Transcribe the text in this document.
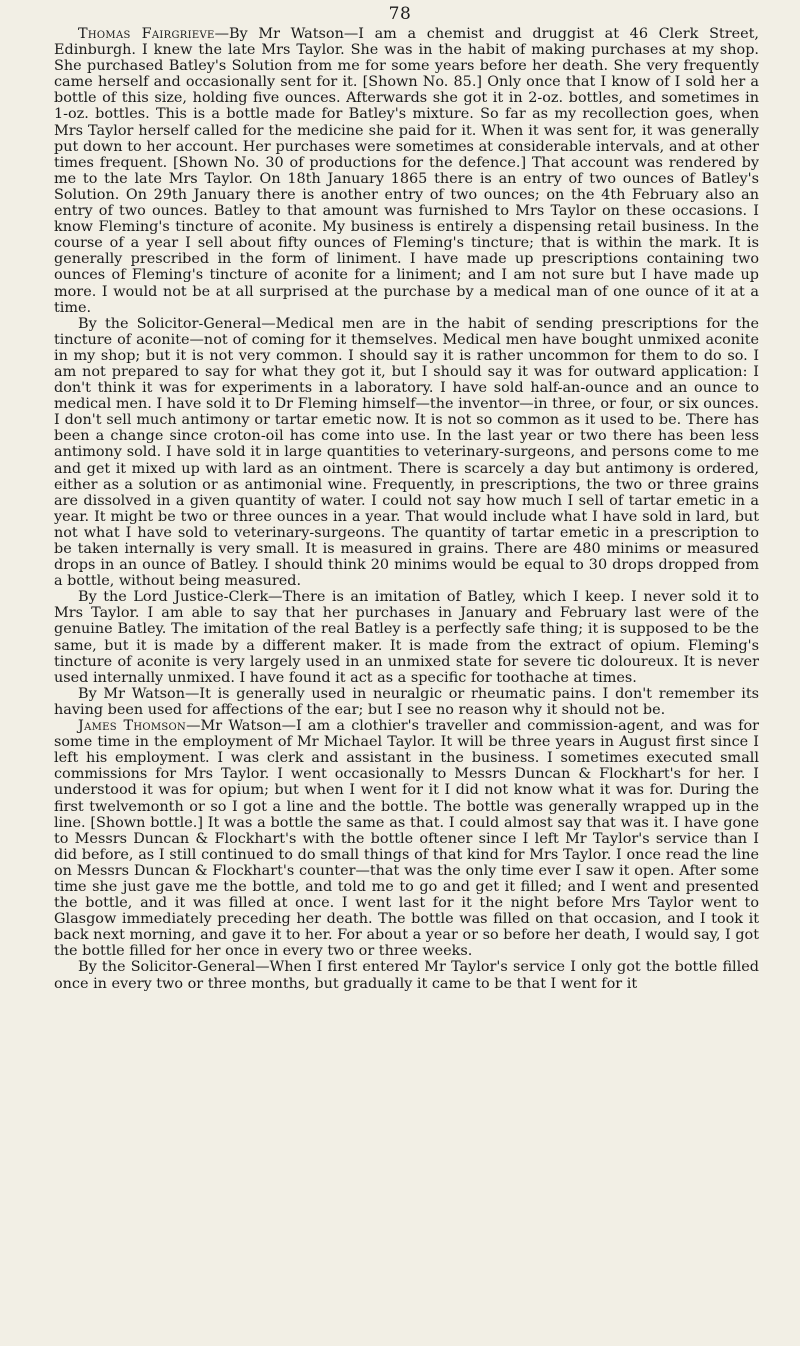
78

Thomas Fairgrieve—By Mr Watson—I am a chemist and druggist at 46 Clerk Street, Edinburgh. I knew the late Mrs Taylor. She was in the habit of making purchases at my shop. She purchased Batley's Solution from me for some years before her death. She very frequently came herself and occasionally sent for it. [Shown No. 85.] Only once that I know of I sold her a bottle of this size, holding five ounces. Afterwards she got it in 2-oz. bottles, and sometimes in 1-oz. bottles. This is a bottle made for Batley's mixture. So far as my recollection goes, when Mrs Taylor herself called for the medicine she paid for it. When it was sent for, it was generally put down to her account. Her purchases were sometimes at considerable intervals, and at other times frequent. [Shown No. 30 of productions for the defence.] That account was rendered by me to the late Mrs Taylor. On 18th January 1865 there is an entry of two ounces of Batley's Solution. On 29th January there is another entry of two ounces; on the 4th February also an entry of two ounces. Batley to that amount was furnished to Mrs Taylor on these occasions. I know Fleming's tincture of aconite. My business is entirely a dispensing retail business. In the course of a year I sell about fifty ounces of Fleming's tincture; that is within the mark. It is generally prescribed in the form of liniment. I have made up prescriptions containing two ounces of Fleming's tincture of aconite for a liniment; and I am not sure but I have made up more. I would not be at all surprised at the purchase by a medical man of one ounce of it at a time.

By the Solicitor-General—Medical men are in the habit of sending prescriptions for the tincture of aconite—not of coming for it themselves. Medical men have bought unmixed aconite in my shop; but it is not very common. I should say it is rather uncommon for them to do so. I am not prepared to say for what they got it, but I should say it was for outward application: I don't think it was for experiments in a laboratory. I have sold half-an-ounce and an ounce to medical men. I have sold it to Dr Fleming himself—the inventor—in three, or four, or six ounces. I don't sell much antimony or tartar emetic now. It is not so common as it used to be. There has been a change since croton-oil has come into use. In the last year or two there has been less antimony sold. I have sold it in large quantities to veterinary-surgeons, and persons come to me and get it mixed up with lard as an ointment. There is scarcely a day but antimony is ordered, either as a solution or as antimonial wine. Frequently, in prescriptions, the two or three grains are dissolved in a given quantity of water. I could not say how much I sell of tartar emetic in a year. It might be two or three ounces in a year. That would include what I have sold in lard, but not what I have sold to veterinary-surgeons. The quantity of tartar emetic in a prescription to be taken internally is very small. It is measured in grains. There are 480 minims or measured drops in an ounce of Batley. I should think 20 minims would be equal to 30 drops dropped from a bottle, without being measured.

By the Lord Justice-Clerk—There is an imitation of Batley, which I keep. I never sold it to Mrs Taylor. I am able to say that her purchases in January and February last were of the genuine Batley. The imitation of the real Batley is a perfectly safe thing; it is supposed to be the same, but it is made by a different maker. It is made from the extract of opium. Fleming's tincture of aconite is very largely used in an unmixed state for severe tic doloureux. It is never used internally unmixed. I have found it act as a specific for toothache at times.

By Mr Watson—It is generally used in neuralgic or rheumatic pains. I don't remember its having been used for affections of the ear; but I see no reason why it should not be.

James Thomson—Mr Watson—I am a clothier's traveller and commission-agent, and was for some time in the employment of Mr Michael Taylor. It will be three years in August first since I left his employment. I was clerk and assistant in the business. I sometimes executed small commissions for Mrs Taylor. I went occasionally to Messrs Duncan & Flockhart's for her. I understood it was for opium; but when I went for it I did not know what it was for. During the first twelvemonth or so I got a line and the bottle. The bottle was generally wrapped up in the line. [Shown bottle.] It was a bottle the same as that. I could almost say that was it. I have gone to Messrs Duncan & Flockhart's with the bottle oftener since I left Mr Taylor's service than I did before, as I still continued to do small things of that kind for Mrs Taylor. I once read the line on Messrs Duncan & Flockhart's counter—that was the only time ever I saw it open. After some time she just gave me the bottle, and told me to go and get it filled; and I went and presented the bottle, and it was filled at once. I went last for it the night before Mrs Taylor went to Glasgow immediately preceding her death. The bottle was filled on that occasion, and I took it back next morning, and gave it to her. For about a year or so before her death, I would say, I got the bottle filled for her once in every two or three weeks.

By the Solicitor-General—When I first entered Mr Taylor's service I only got the bottle filled once in every two or three months, but gradually it came to be that I went for it
